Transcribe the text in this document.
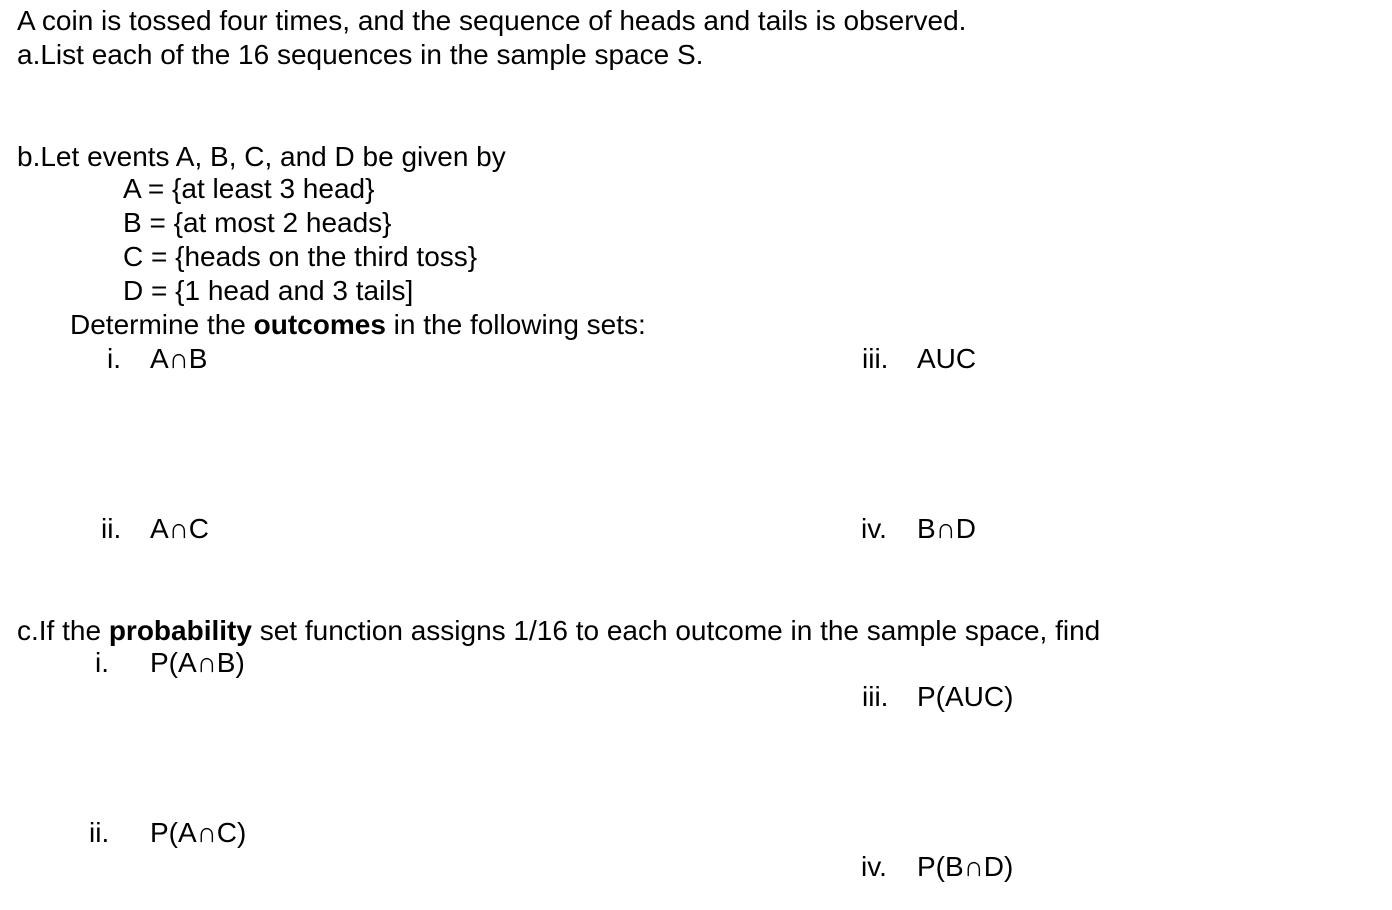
A coin is tossed four times, and the sequence of heads and tails is observed.

a.List each of the 16 sequences in the sample space S.
b.Let events A, B, C, and D be given by

A = {at least 3 head}

B = {at most 2 heads}

C = {heads on the third toss}

D = {1 head and 3 tails]

Determine the outcomes in the following sets:
i. A∩B
ii. A∩C
iii. AUC
iv. B∩D
c.If the probability set function assigns 1/16 to each outcome in the sample space, find
i. P(A∩B)
ii. P(A∩C)
iii. P(AUC)
iv. P(B∩D)
